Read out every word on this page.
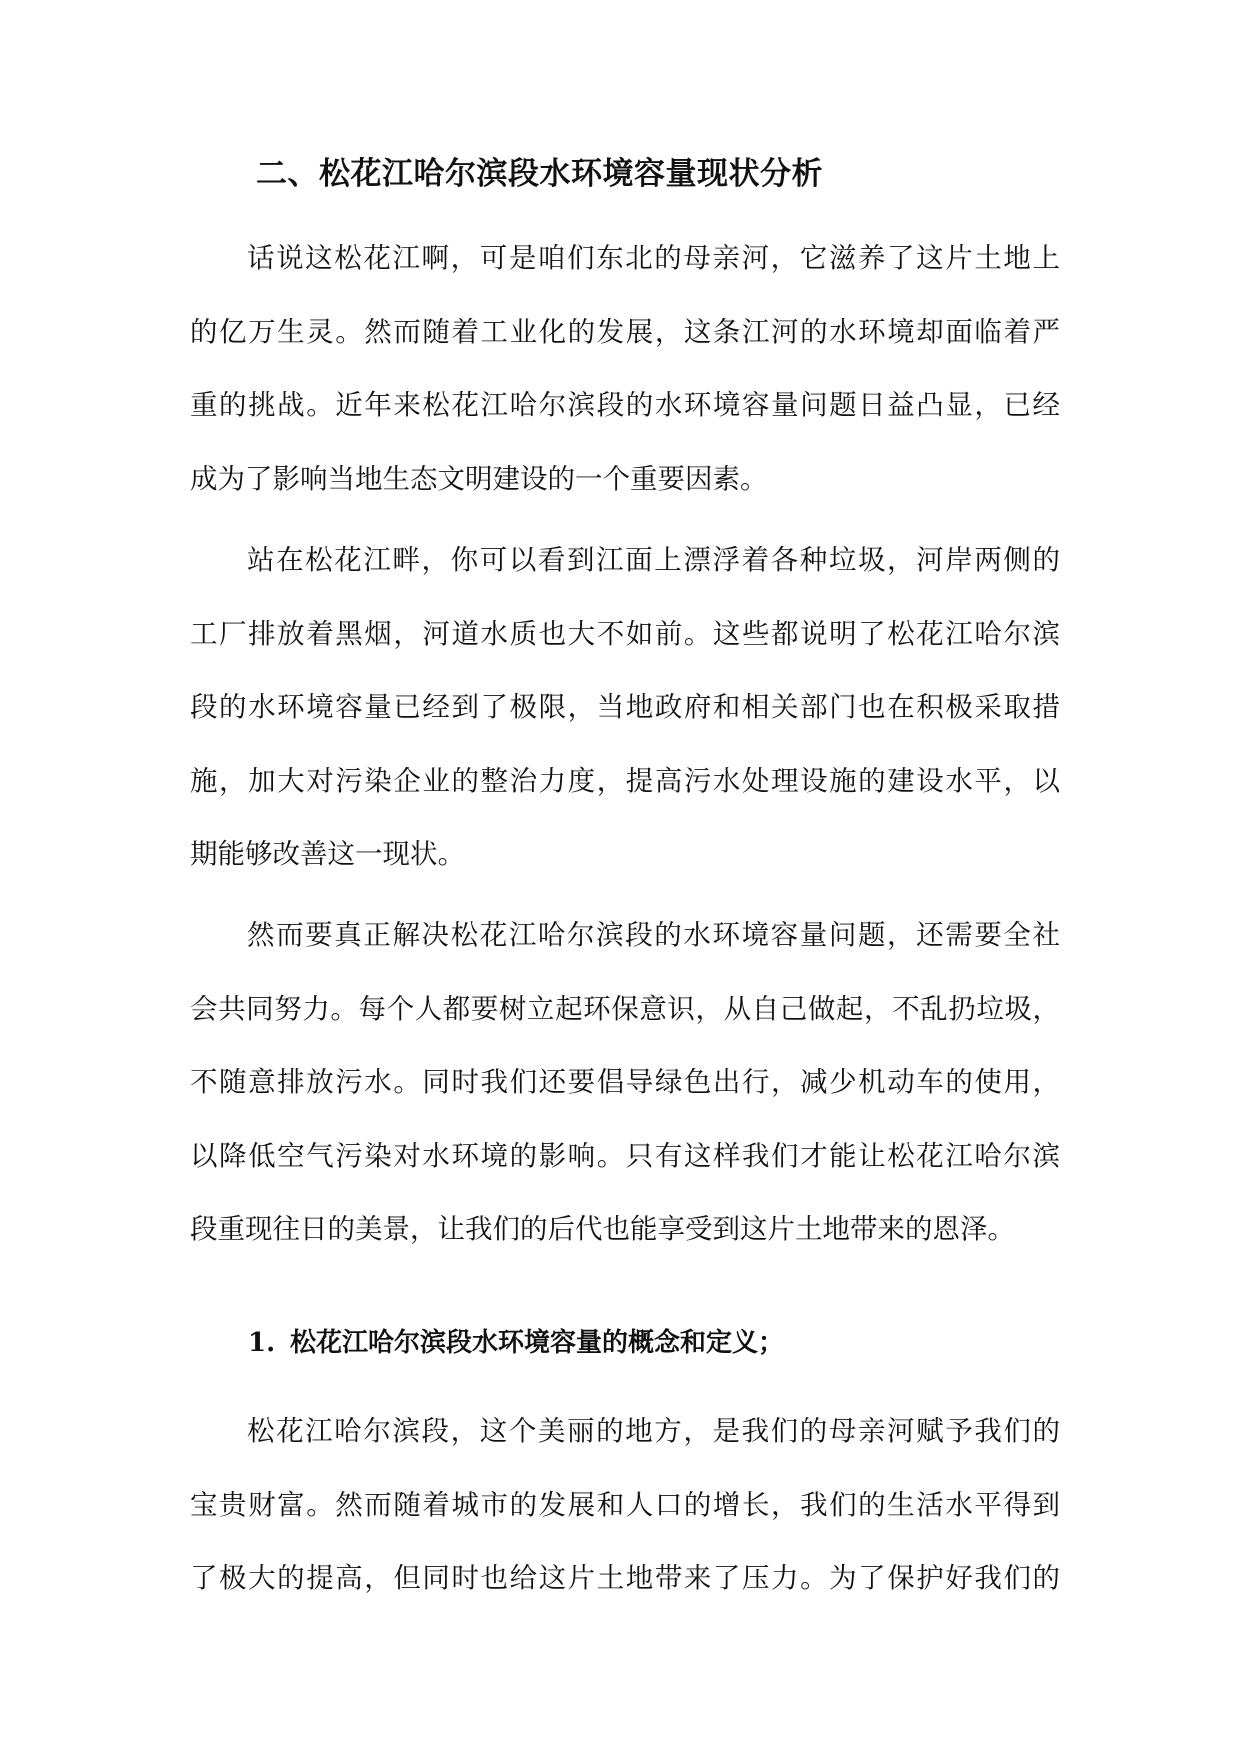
二、松花江哈尔滨段水环境容量现状分析
话说这松花江啊，可是咱们东北的母亲河，它滋养了这片土地上
的亿万生灵。然而随着工业化的发展，这条江河的水环境却面临着严
重的挑战。近年来松花江哈尔滨段的水环境容量问题日益凸显，已经
成为了影响当地生态文明建设的一个重要因素。
站在松花江畔，你可以看到江面上漂浮着各种垃圾，河岸两侧的
工厂排放着黑烟，河道水质也大不如前。这些都说明了松花江哈尔滨
段的水环境容量已经到了极限，当地政府和相关部门也在积极采取措
施，加大对污染企业的整治力度，提高污水处理设施的建设水平，以
期能够改善这一现状。
然而要真正解决松花江哈尔滨段的水环境容量问题，还需要全社
会共同努力。每个人都要树立起环保意识，从自己做起，不乱扔垃圾，
不随意排放污水。同时我们还要倡导绿色出行，减少机动车的使用，
以降低空气污染对水环境的影响。只有这样我们才能让松花江哈尔滨
段重现往日的美景，让我们的后代也能享受到这片土地带来的恩泽。
1. 松花江哈尔滨段水环境容量的概念和定义；
松花江哈尔滨段，这个美丽的地方，是我们的母亲河赋予我们的
宝贵财富。然而随着城市的发展和人口的增长，我们的生活水平得到
了极大的提高，但同时也给这片土地带来了压力。为了保护好我们的
